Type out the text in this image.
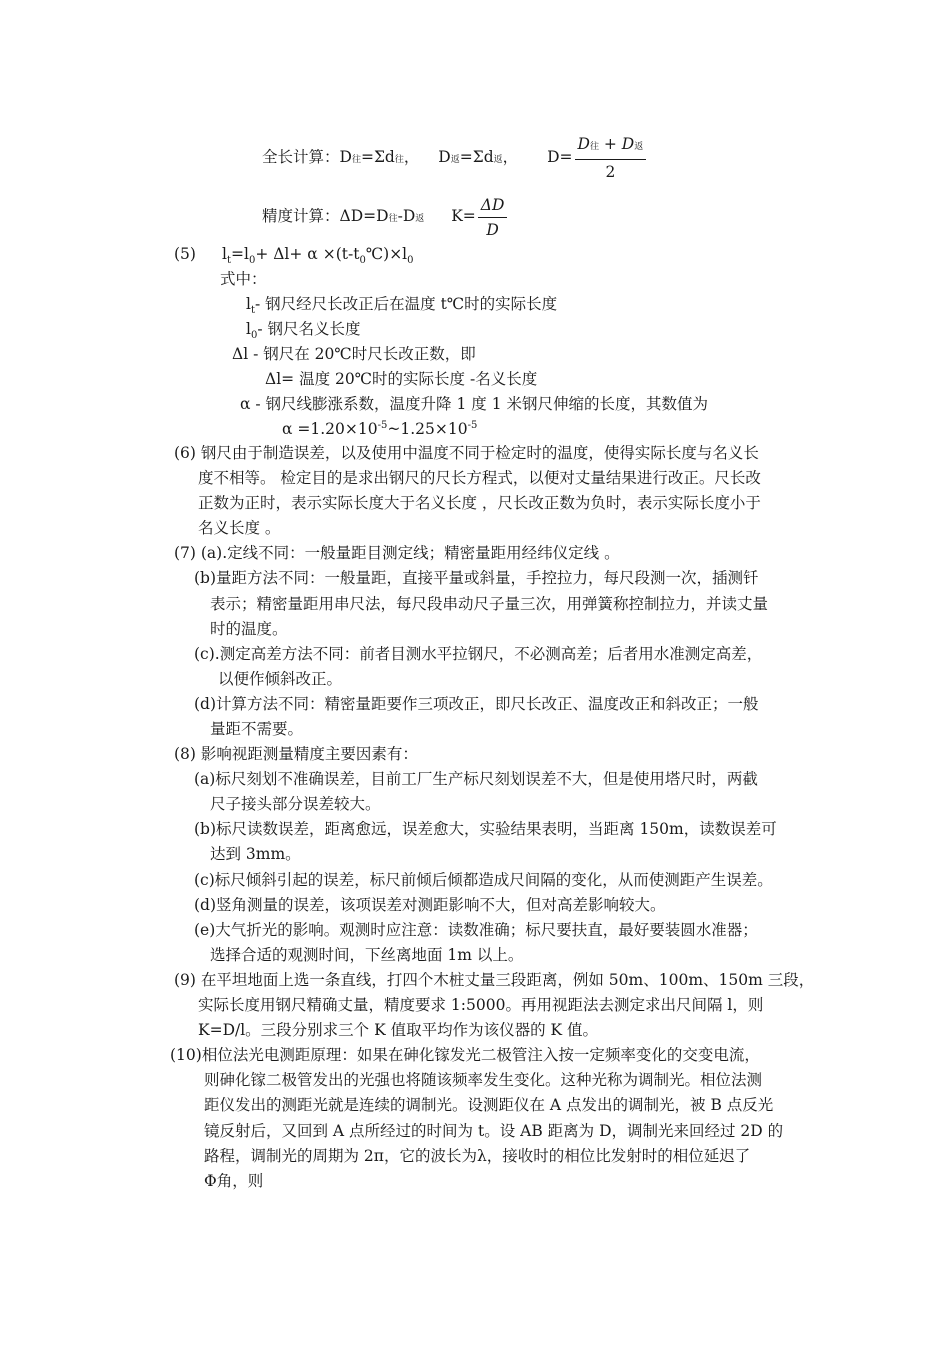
全长计算：D往=Σd往， D返=Σd返， $D= \frac{\text{D往 + D返}}{2}$
精度计算：ΔD=D往-D返 $K= \frac{\Delta D}{D}$
(5) $l_t=l_0+ \Delta l+ \alpha$ $\times(t-t_0℃)\times l_0$
式中：
$l_t-$ 钢尺经尺长改正后在温度 t℃时的实际长度
$l_0-$ 钢尺名义长度
Δl - 钢尺在 20℃时尺长改正数，即
Δl= 温度 20℃时的实际长度 -名义长度
α - 钢尺线膨涨系数，温度升降 1 度 1 米钢尺伸缩的长度，其数值为
$\alpha =1.20\times 10^{-5}\sim 1.25\times 10^{-5}$
(6) 钢尺由于制造误差，以及使用中温度不同于检定时的温度，使得实际长度与名义长
度不相等。 检定目的是求出钢尺的尺长方程式，以便对丈量结果进行改正。尺长改
正数为正时，表示实际长度大于名义长度 ，尺长改正数为负时，表示实际长度小于
名义长度 。
(7) (a).定线不同：一般量距目测定线；精密量距用经纬仪定线 。
(b)量距方法不同：一般量距，直接平量或斜量，手控拉力，每尺段测一次，插测钎
表示；精密量距用串尺法，每尺段串动尺子量三次，用弹簧称控制拉力，并读丈量
时的温度。
(c).测定高差方法不同：前者目测水平拉钢尺，不必测高差；后者用水准测定高差，
以便作倾斜改正。
(d)计算方法不同：精密量距要作三项改正，即尺长改正、温度改正和斜改正；一般
量距不需要。
(8) 影响视距测量精度主要因素有：
(a)标尺刻划不准确误差，目前工厂生产标尺刻划误差不大，但是使用塔尺时，两截
尺子接头部分误差较大。
(b)标尺读数误差，距离愈远，误差愈大，实验结果表明，当距离 150m，读数误差可
达到 3mm。
(c)标尺倾斜引起的误差，标尺前倾后倾都造成尺间隔的变化，从而使测距产生误差。
(d)竖角测量的误差，该项误差对测距影响不大，但对高差影响较大。
(e)大气折光的影响。观测时应注意：读数准确；标尺要扶直，最好要装圆水准器；
选择合适的观测时间，下丝离地面 1m 以上。
(9) 在平坦地面上选一条直线，打四个木桩丈量三段距离，例如 50m、100m、150m 三段，
实际长度用钢尺精确丈量，精度要求 1:5000。再用视距法去测定求出尺间隔 l，则
K=D/l。三段分别求三个 K 值取平均作为该仪器的 K 值。
(10)相位法光电测距原理：如果在砷化镓发光二极管注入按一定频率变化的交变电流，
则砷化镓二极管发出的光强也将随该频率发生变化。这种光称为调制光。相位法测
距仪发出的测距光就是连续的调制光。设测距仪在 A 点发出的调制光，被 B 点反光
镜反射后，又回到 A 点所经过的时间为 t。设 AB 距离为 D，调制光来回经过 2D 的
路程，调制光的周期为 2π，它的波长为λ，接收时的相位比发射时的相位延迟了
Φ角，则
